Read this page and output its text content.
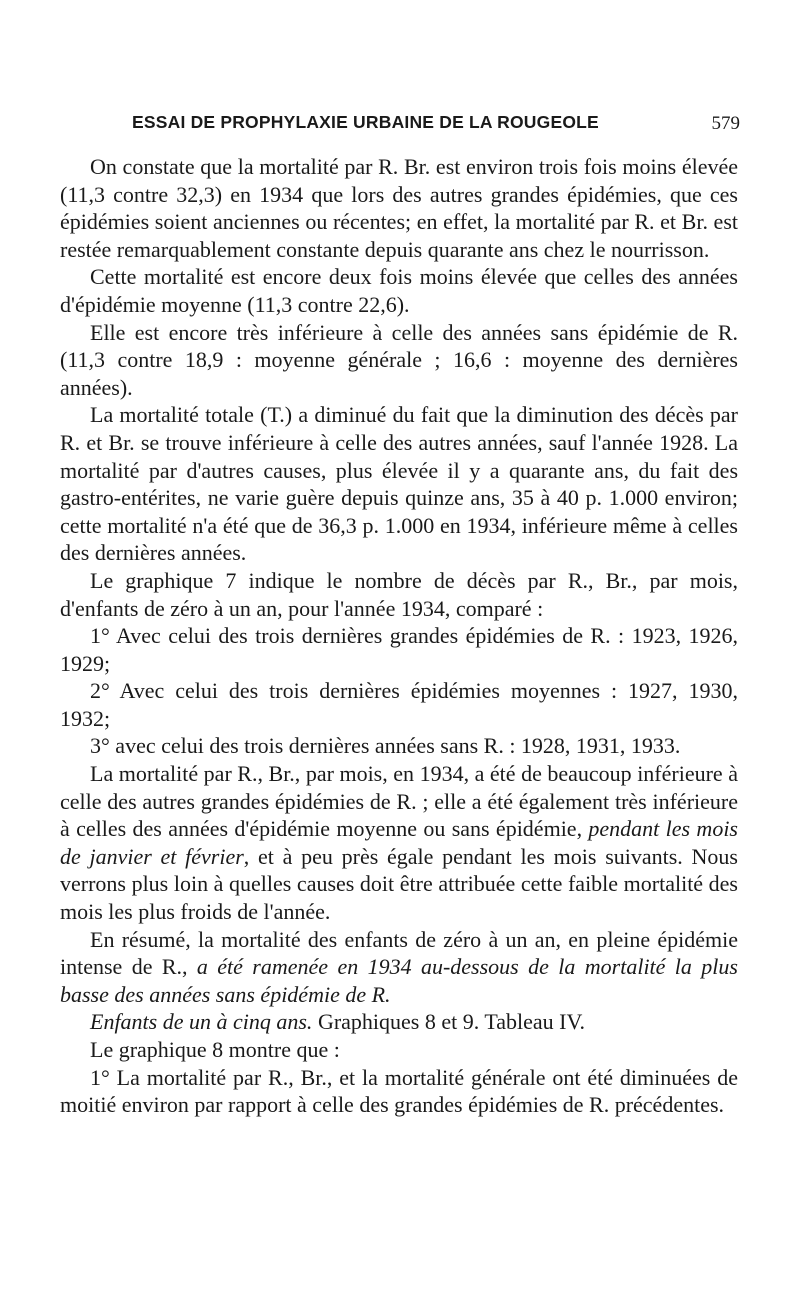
ESSAI DE PROPHYLAXIE URBAINE DE LA ROUGEOLE	579

On constate que la mortalité par R. Br. est environ trois fois moins élevée (11,3 contre 32,3) en 1934 que lors des autres grandes épidémies, que ces épidémies soient anciennes ou récentes; en effet, la mortalité par R. et Br. est restée remarquablement constante depuis quarante ans chez le nourrisson.

Cette mortalité est encore deux fois moins élevée que celles des années d'épidémie moyenne (11,3 contre 22,6).

Elle est encore très inférieure à celle des années sans épidémie de R. (11,3 contre 18,9 : moyenne générale ; 16,6 : moyenne des dernières années).

La mortalité totale (T.) a diminué du fait que la diminution des décès par R. et Br. se trouve inférieure à celle des autres années, sauf l'année 1928. La mortalité par d'autres causes, plus élevée il y a quarante ans, du fait des gastro-entérites, ne varie guère depuis quinze ans, 35 à 40 p. 1.000 environ; cette mortalité n'a été que de 36,3 p. 1.000 en 1934, inférieure même à celles des dernières années.

Le graphique 7 indique le nombre de décès par R., Br., par mois, d'enfants de zéro à un an, pour l'année 1934, comparé :

1° Avec celui des trois dernières grandes épidémies de R. : 1923, 1926, 1929;

2° Avec celui des trois dernières épidémies moyennes : 1927, 1930, 1932;

3° avec celui des trois dernières années sans R. : 1928, 1931, 1933.

La mortalité par R., Br., par mois, en 1934, a été de beaucoup inférieure à celle des autres grandes épidémies de R. ; elle a été également très inférieure à celles des années d'épidémie moyenne ou sans épidémie, pendant les mois de janvier et février, et à peu près égale pendant les mois suivants. Nous verrons plus loin à quelles causes doit être attribuée cette faible mortalité des mois les plus froids de l'année.

En résumé, la mortalité des enfants de zéro à un an, en pleine épidémie intense de R., a été ramenée en 1934 au-dessous de la mortalité la plus basse des années sans épidémie de R.

Enfants de un à cinq ans. Graphiques 8 et 9. Tableau IV.

Le graphique 8 montre que :

1° La mortalité par R., Br., et la mortalité générale ont été diminuées de moitié environ par rapport à celle des grandes épidémies de R. précédentes.
